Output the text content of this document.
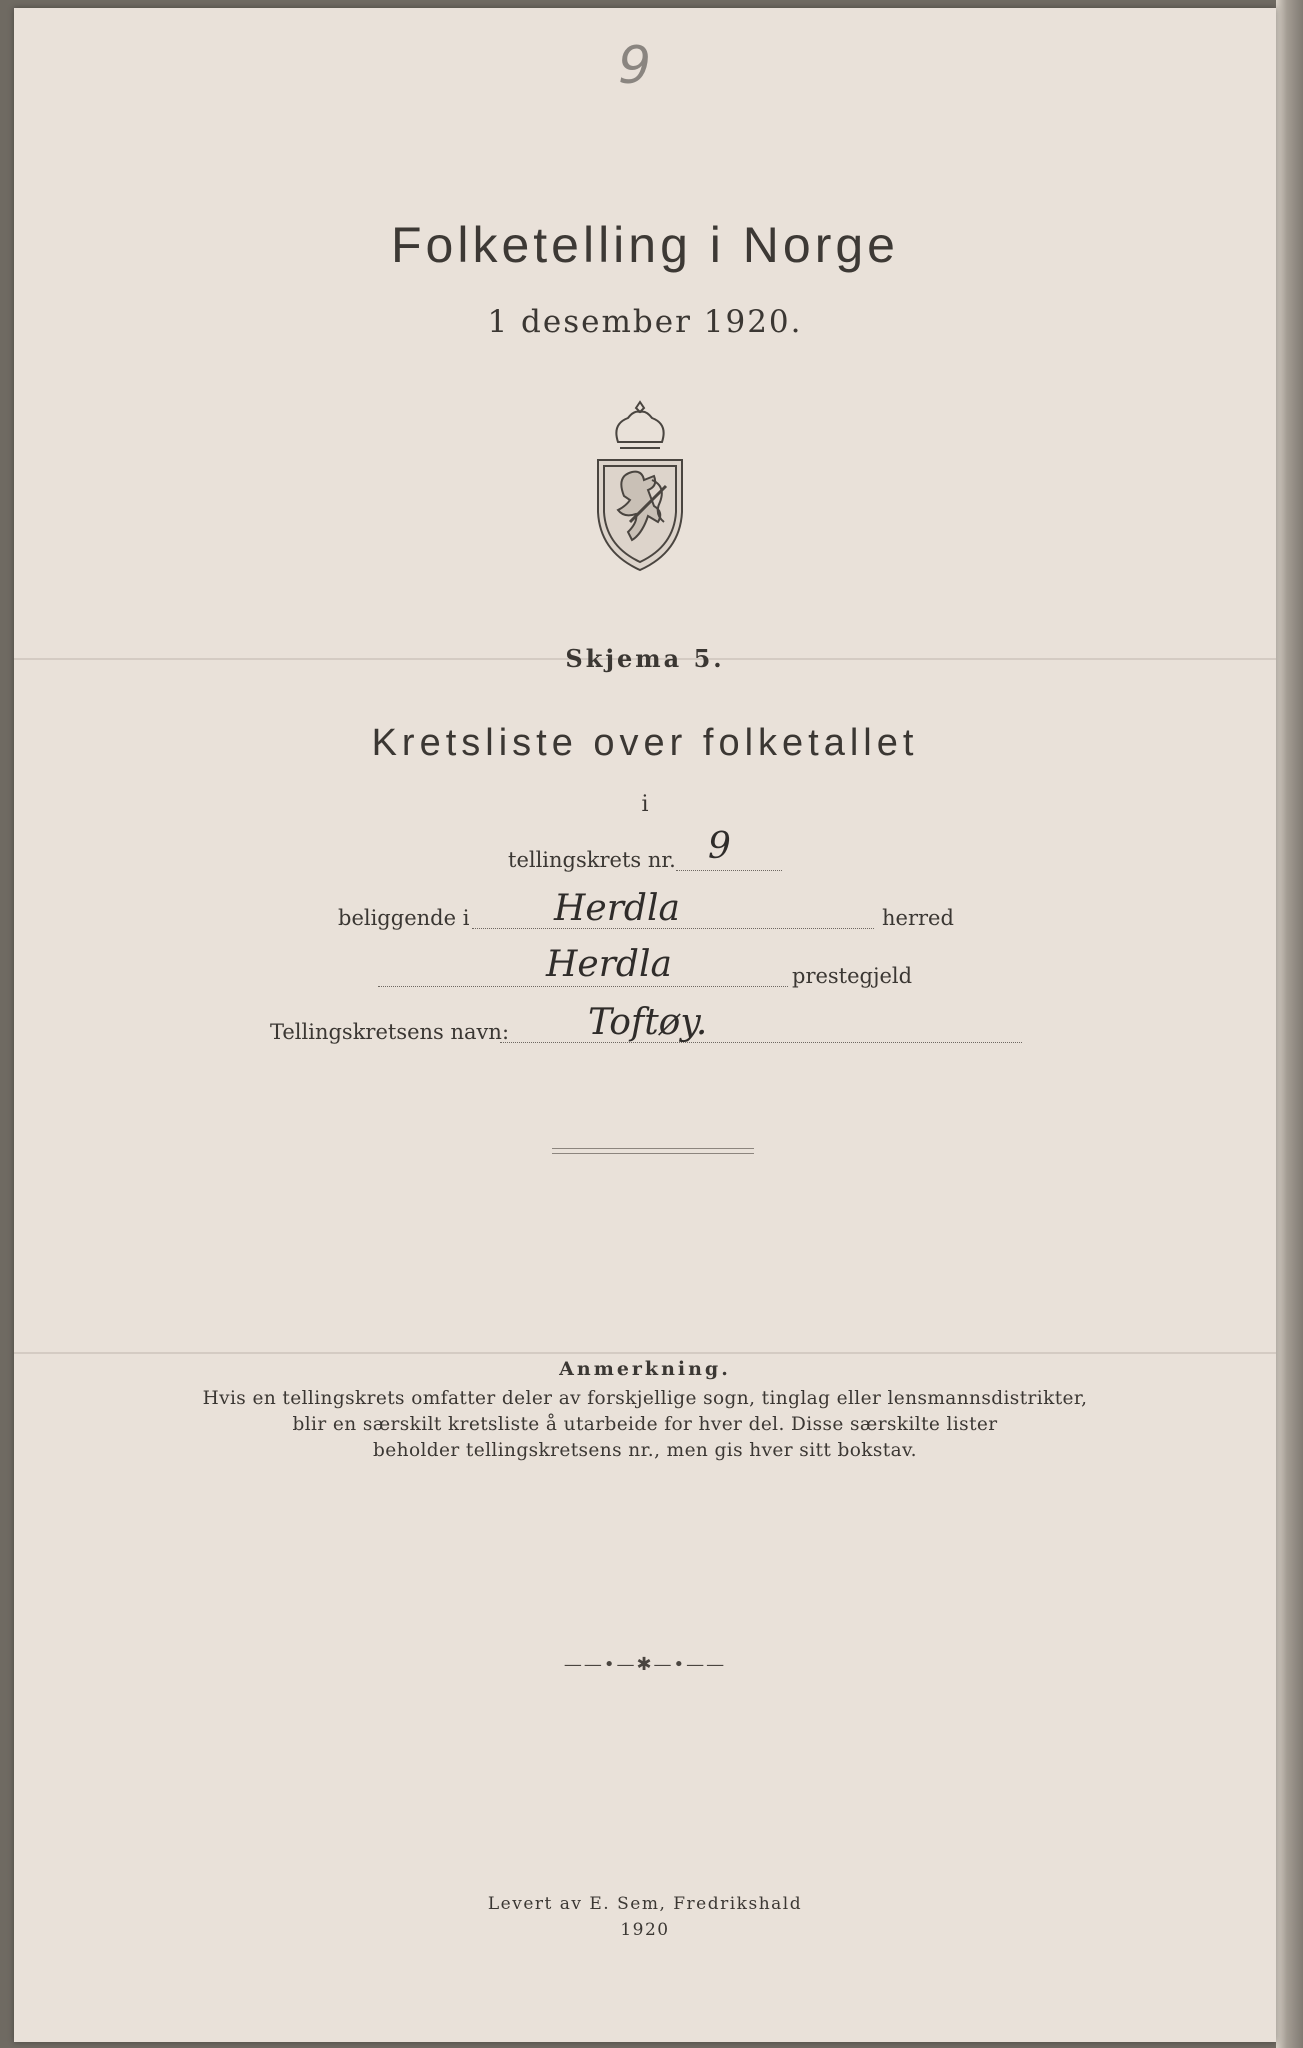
9
Folketelling i Norge
1 desember 1920.
Skjema 5.
Kretsliste over folketallet
i
tellingskrets nr. 9
beliggende i Herdla	herred
Herdla	prestegjeld
Tellingskretsens navn: Toftøy.
Anmerkning.
Hvis en tellingskrets omfatter deler av forskjellige sogn, tinglag eller lensmannsdistrikter,
blir en særskilt kretsliste å utarbeide for hver del. Disse særskilte lister
beholder tellingskretsens nr., men gis hver sitt bokstav.
——•—✱—•——
Levert av E. Sem, Fredrikshald
1920
